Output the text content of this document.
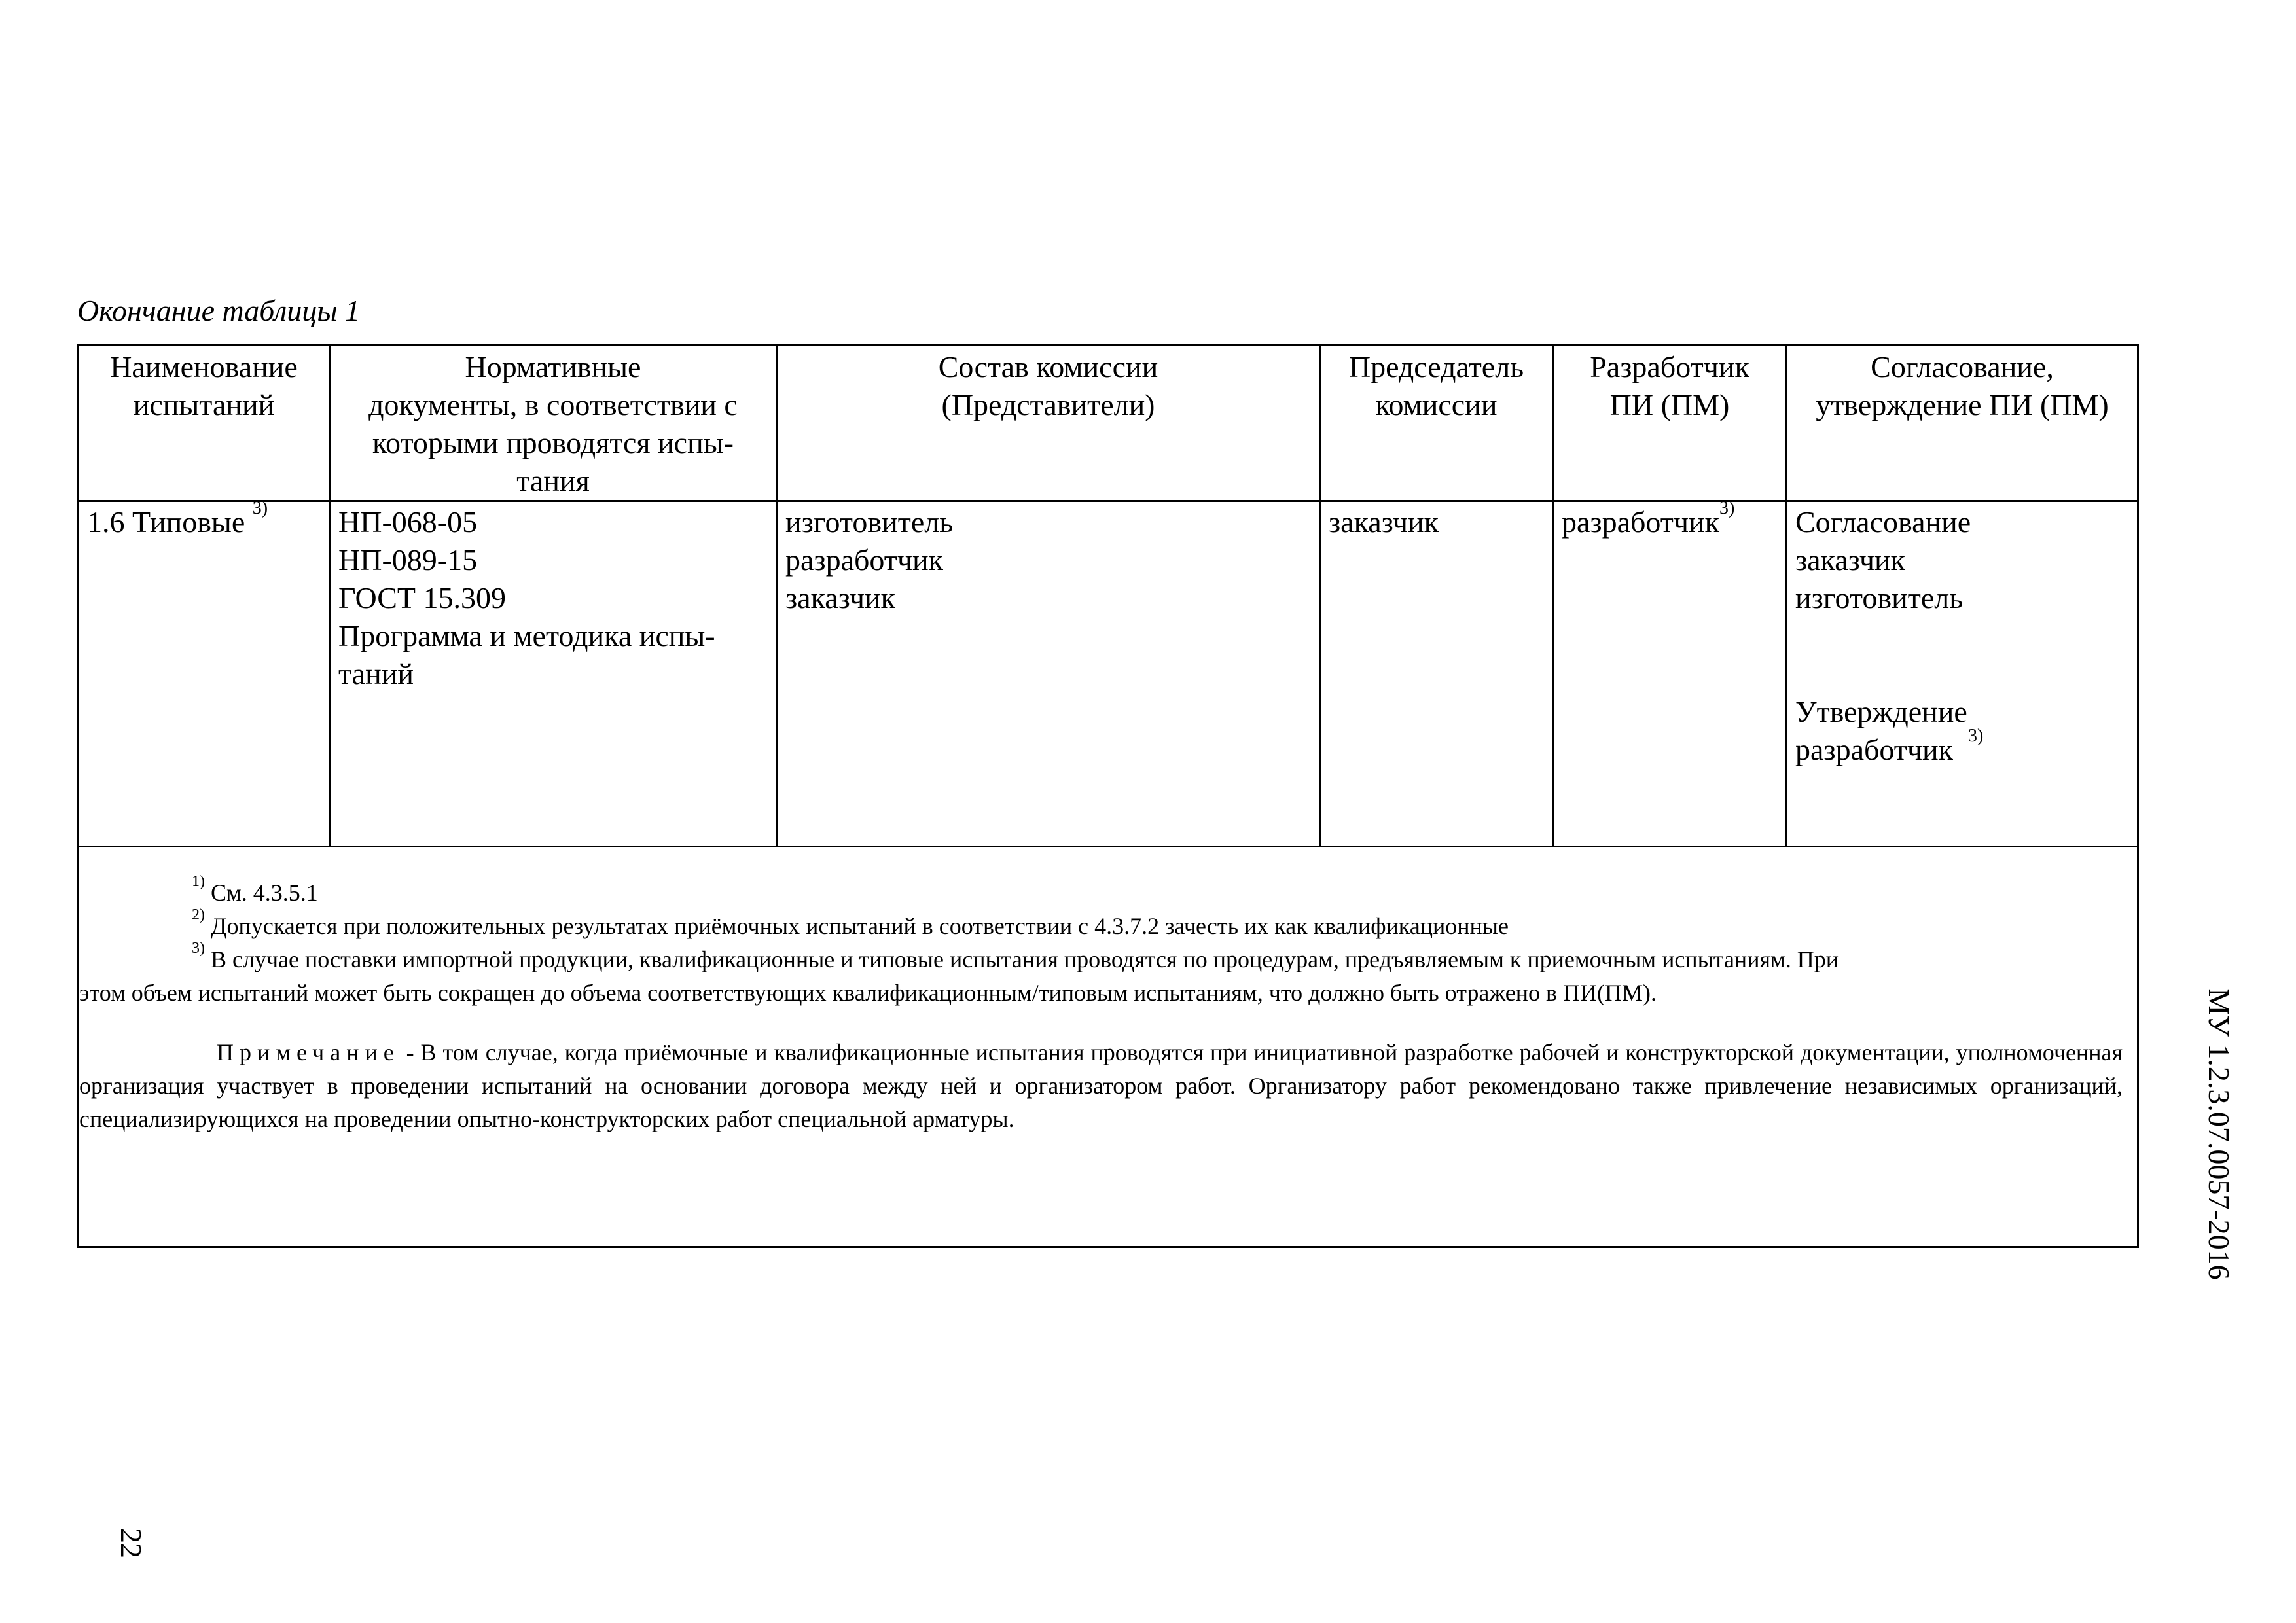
Окончание таблицы 1
Наименование
испытаний	Нормативные
документы, в соответствии с
которыми проводятся испы-
тания	Состав комиссии
(Представители)	Председатель
комиссии	Разработчик
ПИ (ПМ)	Согласование,
утверждение ПИ (ПМ)

1.6 Типовые $^{3)}$	НП-068-05
НП-089-15
ГОСТ 15.309
Программа и методика испы-
таний	изготовитель
разработчик
заказчик	заказчик	разработчик$^{3)}$	Согласование
заказчик
изготовитель
Утверждение
разработчик $^{3)}$

$^{1)}$ См. 4.3.5.1
$^{2)}$ Допускается при положительных результатах приёмочных испытаний в соответствии с 4.3.7.2 зачесть их как квалификационные
$^{3)}$ В случае поставки импортной продукции, квалификационные и типовые испытания проводятся по процедурам, предъявляемым к приемочным испытаниям. При
этом объем испытаний может быть сокращен до объема соответствующих квалификационным/типовым испытаниям, что должно быть отражено в ПИ(ПМ).
Примечание - В том случае, когда приёмочные и квалификационные испытания проводятся при инициативной разработке рабочей и конструкторской документации, уполномоченная организация участвует в проведении испытаний на основании договора между ней и организатором работ. Организатору работ рекомендовано также привлечение независимых организаций, специализирующихся на проведении опытно-конструкторских работ специальной арматуры.						МУ 1.2.3.07.0057-2016
22
